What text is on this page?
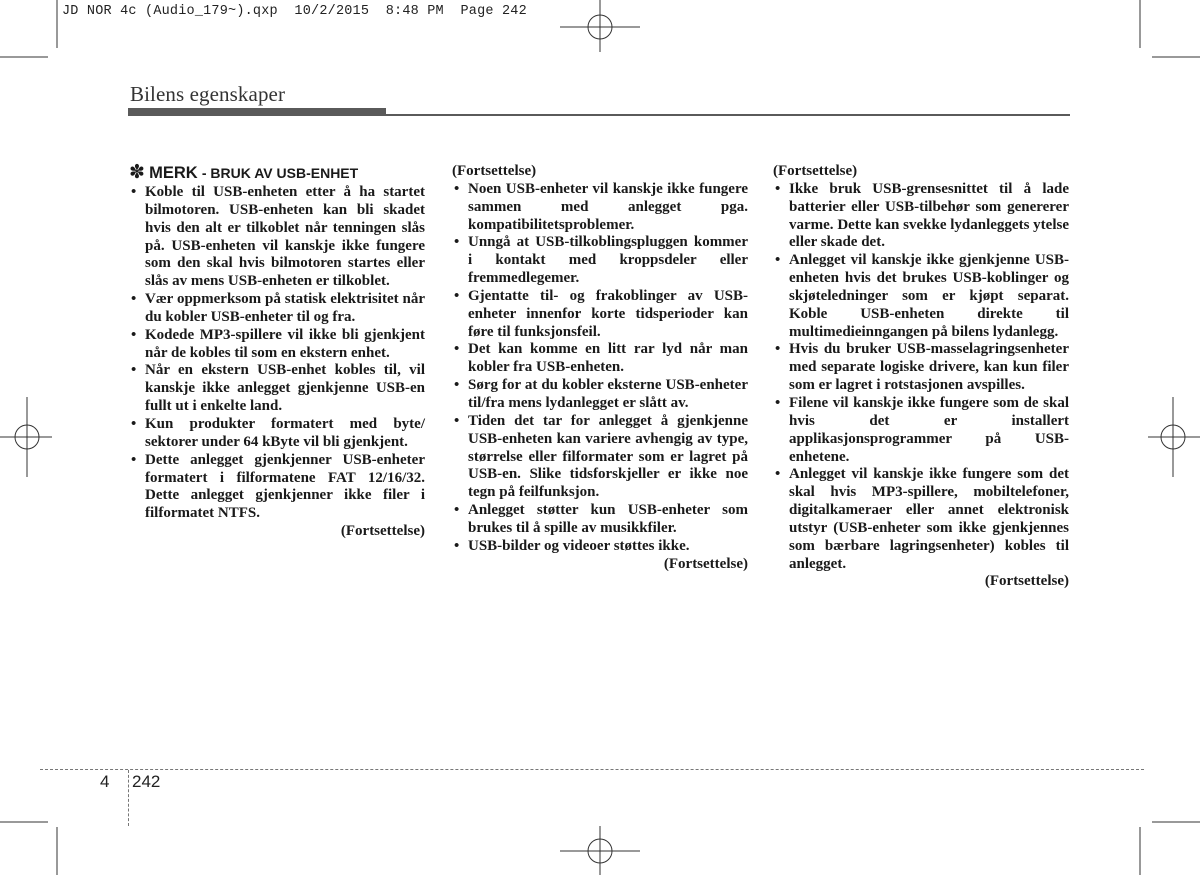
JD NOR 4c (Audio_179~).qxp  10/2/2015  8:48 PM  Page 242
Bilens egenskaper
✽ MERK - BRUK AV USB-ENHET
• Koble til USB-enheten etter å ha startet bilmotoren. USB-enheten kan bli skadet hvis den alt er tilkoblet når tenningen slås på. USB-enheten vil kanskje ikke fungere som den skal hvis bilmotoren startes eller slås av mens USB-enheten er tilkoblet.
• Vær oppmerksom på statisk elektrisitet når du kobler USB-enheter til og fra.
• Kodede MP3-spillere vil ikke bli gjenkjent når de kobles til som en ekstern enhet.
• Når en ekstern USB-enhet kobles til, vil kanskje ikke anlegget gjenkjenne USB-en fullt ut i enkelte land.
• Kun produkter formatert med byte/ sektorer under 64 kByte vil bli gjenkjent.
• Dette anlegget gjenkjenner USB-enheter formatert i filformatene FAT 12/16/32. Dette anlegget gjenkjenner ikke filer i filformatet NTFS.
(Fortsettelse)
(Fortsettelse)
• Noen USB-enheter vil kanskje ikke fungere sammen med anlegget pga. kompatibilitetsproblemer.
• Unngå at USB-tilkoblingspluggen kommer i kontakt med kroppsdeler eller fremmedlegemer.
• Gjentatte til- og frakoblinger av USB-enheter innenfor korte tidsperioder kan føre til funksjonsfeil.
• Det kan komme en litt rar lyd når man kobler fra USB-enheten.
• Sørg for at du kobler eksterne USB-enheter til/fra mens lydanlegget er slått av.
• Tiden det tar for anlegget å gjenkjenne USB-enheten kan variere avhengig av type, størrelse eller filformater som er lagret på USB-en. Slike tidsforskjeller er ikke noe tegn på feilfunksjon.
• Anlegget støtter kun USB-enheter som brukes til å spille av musikkfiler.
• USB-bilder og videoer støttes ikke.
(Fortsettelse)
(Fortsettelse)
• Ikke bruk USB-grensesnittet til å lade batterier eller USB-tilbehør som genererer varme. Dette kan svekke lydanleggets ytelse eller skade det.
• Anlegget vil kanskje ikke gjenkjenne USB-enheten hvis det brukes USB-koblinger og skjøteledninger som er kjøpt separat. Koble USB-enheten direkte til multimedieinngangen på bilens lydanlegg.
• Hvis du bruker USB-masselagringsenheter med separate logiske drivere, kan kun filer som er lagret i rotstasjonen avspilles.
• Filene vil kanskje ikke fungere som de skal hvis det er installert applikasjonsprogrammer på USB-enhetene.
• Anlegget vil kanskje ikke fungere som det skal hvis MP3-spillere, mobiltelefoner, digitalkameraer eller annet elektronisk utstyr (USB-enheter som ikke gjenkjennes som bærbare lagringsenheter) kobles til anlegget.
(Fortsettelse)
4 242
